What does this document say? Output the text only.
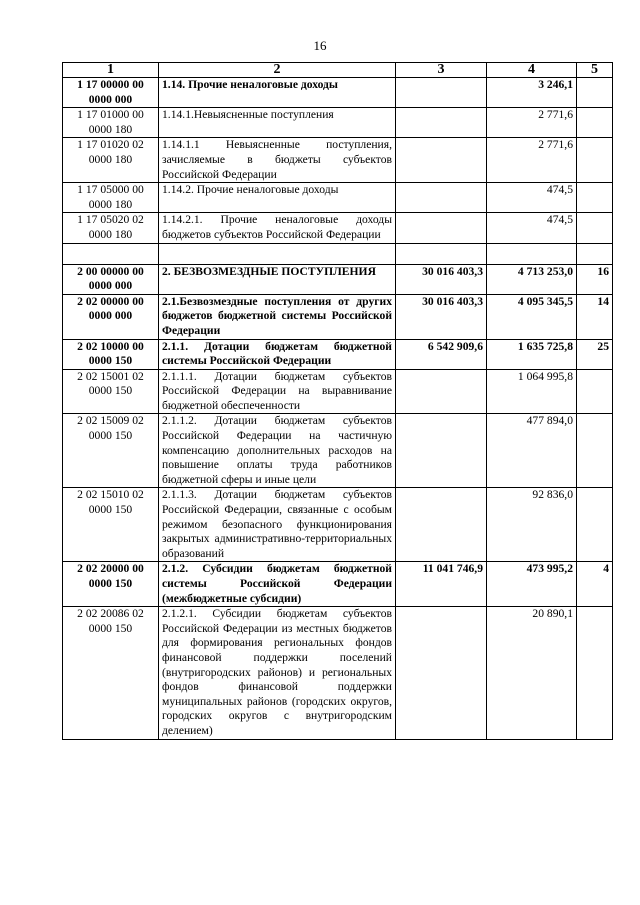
16
1	2	3	4	5
1 17 00000 00 0000 000	1.14. Прочие неналоговые доходы		3 246,1	
1 17 01000 00 0000 180	1.14.1.Невыясненные поступления		2 771,6	
1 17 01020 02 0000 180	1.14.1.1 Невыясненные поступления, зачисляемые в бюджеты субъектов Российской Федерации		2 771,6	
1 17 05000 00 0000 180	1.14.2. Прочие неналоговые доходы		474,5	
1 17 05020 02 0000 180	1.14.2.1. Прочие неналоговые доходы бюджетов субъектов Российской Федерации		474,5	

2 00 00000 00 0000 000	2. БЕЗВОЗМЕЗДНЫЕ ПОСТУПЛЕНИЯ	30 016 403,3	4 713 253,0	16
2 02 00000 00 0000 000	2.1.Безвозмездные поступления от других бюджетов бюджетной системы Российской Федерации	30 016 403,3	4 095 345,5	14
2 02 10000 00 0000 150	2.1.1. Дотации бюджетам бюджетной системы Российской Федерации	6 542 909,6	1 635 725,8	25
2 02 15001 02 0000 150	2.1.1.1. Дотации бюджетам субъектов Российской Федерации на выравнивание бюджетной обеспеченности		1 064 995,8	
2 02 15009 02 0000 150	2.1.1.2. Дотации бюджетам субъектов Российской Федерации на частичную компенсацию дополнительных расходов на повышение оплаты труда работников бюджетной сферы и иные цели		477 894,0	
2 02 15010 02 0000 150	2.1.1.3. Дотации бюджетам субъектов Российской Федерации, связанные с особым режимом безопасного функционирования закрытых административно-территориальных образований		92 836,0	
2 02 20000 00 0000 150	2.1.2. Субсидии бюджетам бюджетной системы Российской Федерации (межбюджетные субсидии)	11 041 746,9	473 995,2	4
2 02 20086 02 0000 150	2.1.2.1. Субсидии бюджетам субъектов Российской Федерации из местных бюджетов для формирования региональных фондов финансовой поддержки поселений (внутригородских районов) и региональных фондов финансовой поддержки муниципальных районов (городских округов, городских округов с внутригородским делением)		20 890,1	
